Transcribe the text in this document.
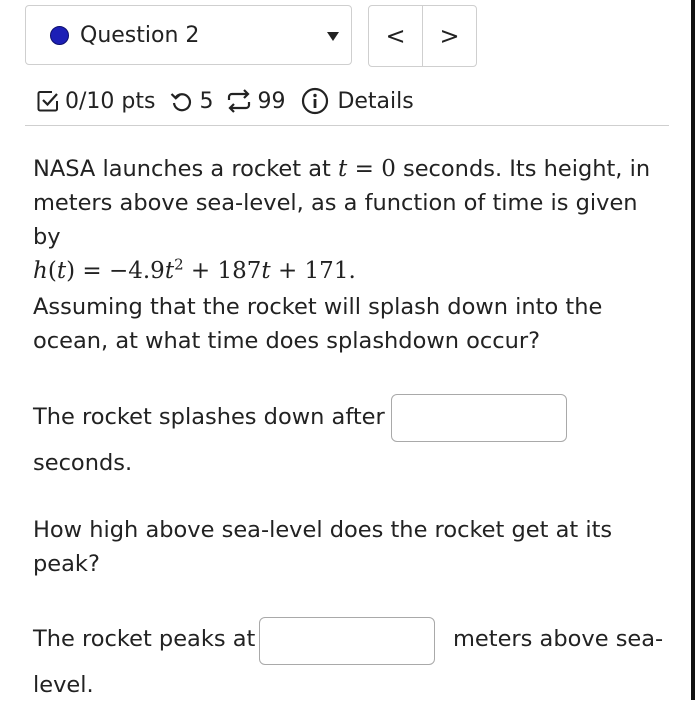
Question 2	<	>
0/10 pts 5 99 Details

NASA launches a rocket at t = 0 seconds. Its height, in meters above sea-level, as a function of time is given by
$h(t) = -4.9t^2 + 187t + 171$.

Assuming that the rocket will splash down into the ocean, at what time does splashdown occur?

The rocket splashes down after
seconds.

How high above sea-level does the rocket get at its peak?

The rocket peaks at	meters above sea-
level.
